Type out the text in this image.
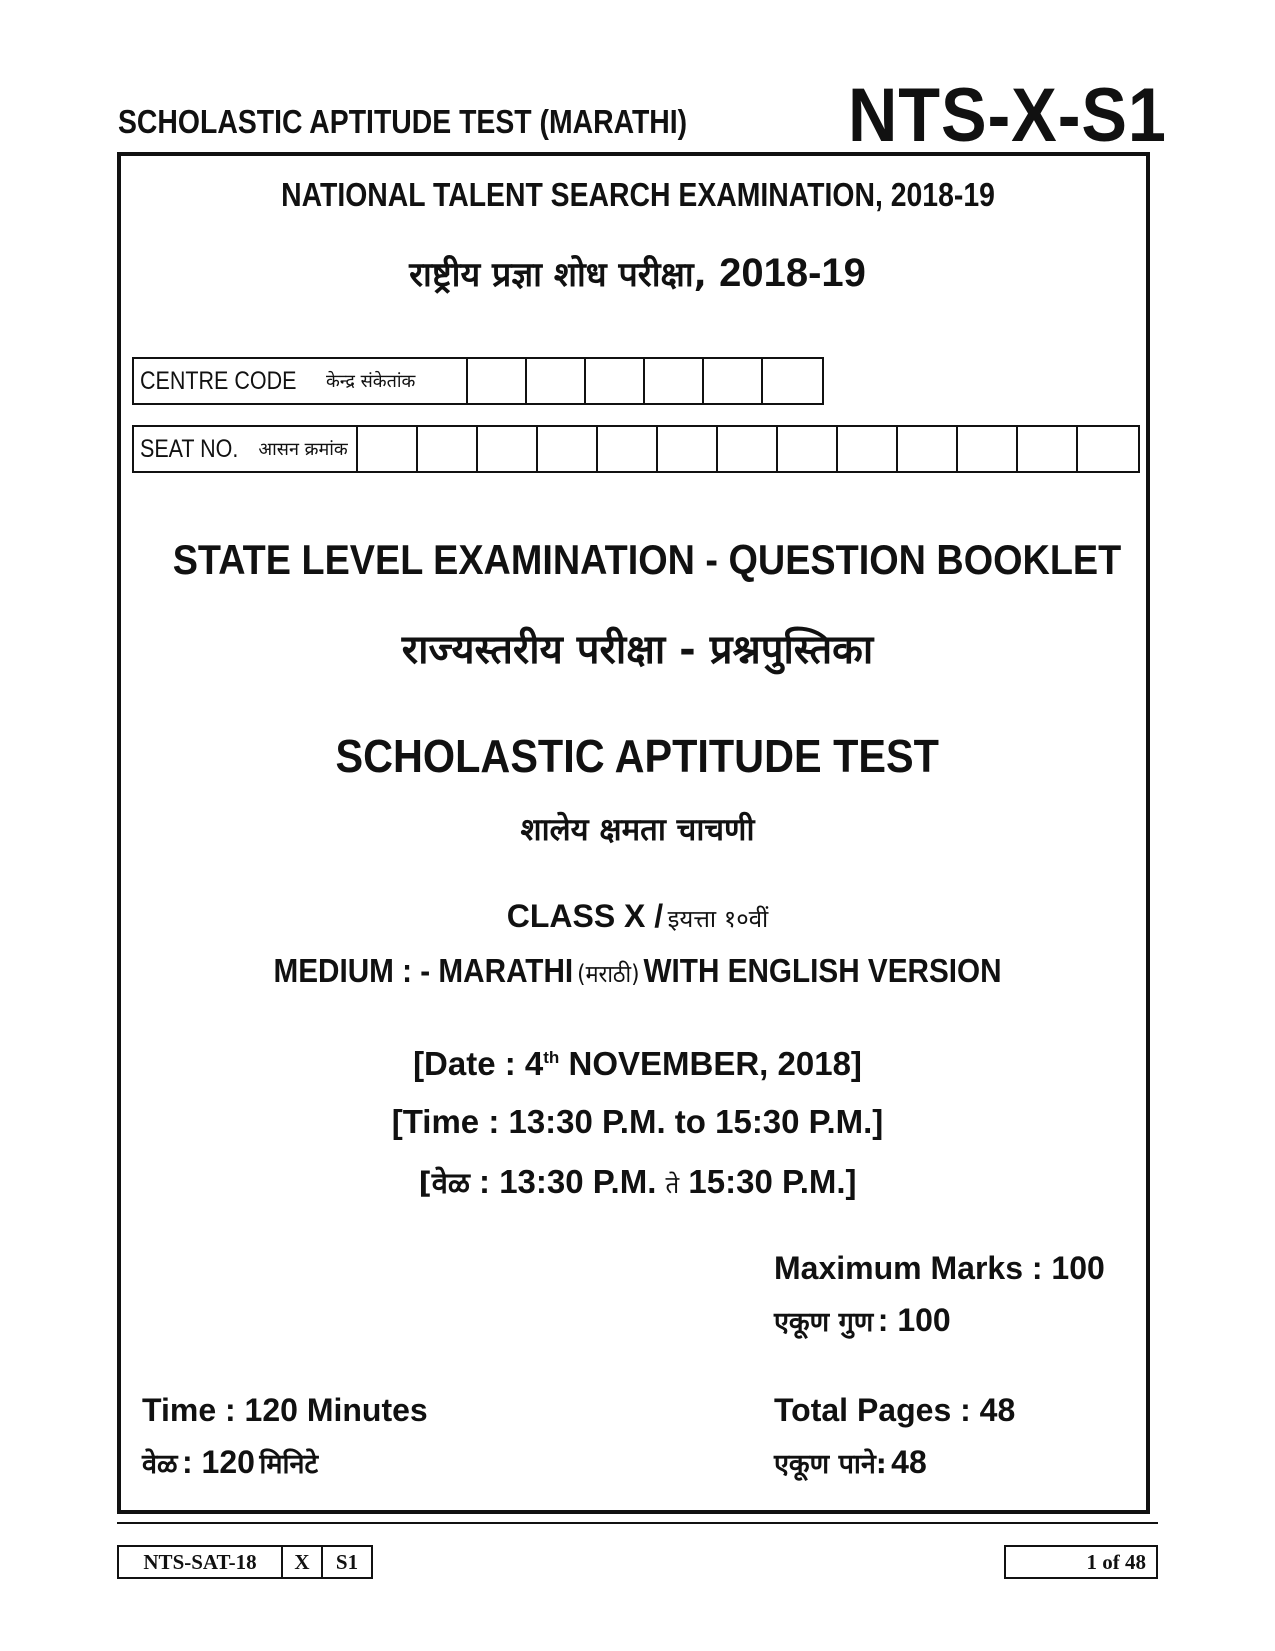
SCHOLASTIC APTITUDE TEST (MARATHI)	NTS-X-S1
NATIONAL TALENT SEARCH EXAMINATION, 2018-19
राष्ट्रीय प्रज्ञा शोध परीक्षा, 2018-19
CENTRE CODE केन्द्र संकेतांक
SEAT NO. आसन क्रमांक
STATE LEVEL EXAMINATION - QUESTION BOOKLET
राज्यस्तरीय परीक्षा - प्रश्नपुस्तिका
SCHOLASTIC APTITUDE TEST
शालेय क्षमता चाचणी
CLASS X / इयत्ता १०वीं
MEDIUM : - MARATHI (मराठी) WITH ENGLISH VERSION
[Date : 4th NOVEMBER, 2018]
[Time : 13:30 P.M. to 15:30 P.M.]
[वेळ : 13:30 P.M. ते 15:30 P.M.]
Maximum Marks : 100
एकूण गुण : 100
Time : 120 Minutes
वेळ : 120 मिनिटे
Total Pages : 48
एकूण पाने: 48
NTS-SAT-18	X	S1	1 of 48
